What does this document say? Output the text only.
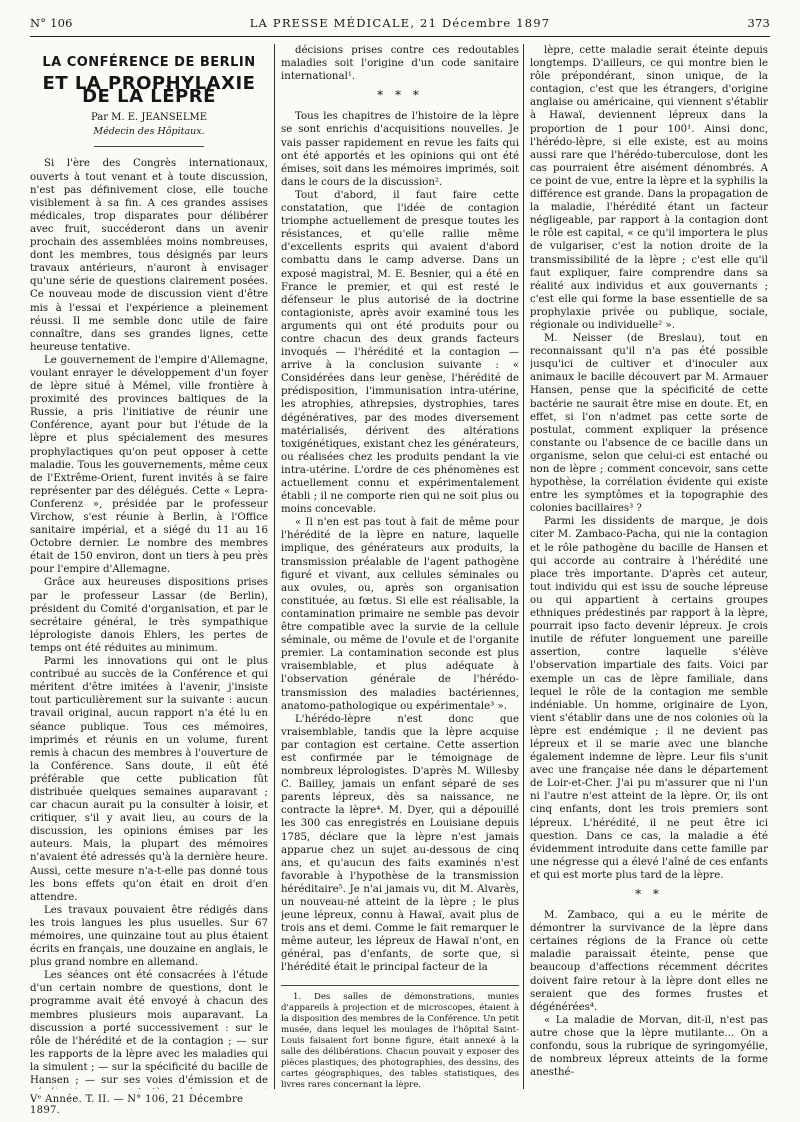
N° 106	LA PRESSE MÉDICALE, 21 Décembre 1897	373
LA CONFÉRENCE DE BERLIN
ET LA PROPHYLAXIE DE LA LÈPRE
Par M. E. JEANSELME
Médecin des Hôpitaux.

Si l'ère des Congrès internationaux, ouverts à tout venant et à toute discussion, n'est pas définivement close, elle touche visiblement à sa fin. A ces grandes assises médicales, trop disparates pour délibérer avec fruit, succéderont dans un avenir prochain des assemblées moins nombreuses, dont les membres, tous désignés par leurs travaux antérieurs, n'auront à envisager qu'une série de questions clairement posées. Ce nouveau mode de discussion vient d'être mis à l'essai et l'expérience a pleinement réussi. Il me semble donc utile de faire connaître, dans ses grandes lignes, cette heureuse tentative.

Le gouvernement de l'empire d'Allemagne, voulant enrayer le développement d'un foyer de lèpre situé à Mémel, ville frontière à proximité des provinces baltiques de la Russie, a pris l'initiative de réunir une Conférence, ayant pour but l'étude de la lèpre et plus spécialement des mesures prophylactiques qu'on peut opposer à cette maladie. Tous les gouvernements, même ceux de l'Extrême-Orient, furent invités à se faire représenter par des délégués. Cette « Lepra-Conferenz », présidée par le professeur Virchow, s'est réunie à Berlin, à l'Office sanitaire impérial, et a siégé du 11 au 16 Octobre dernier. Le nombre des membres était de 150 environ, dont un tiers à peu près pour l'empire d'Allemagne.

Grâce aux heureuses dispositions prises par le professeur Lassar (de Berlin), président du Comité d'organisation, et par le secrétaire général, le très sympathique léprologiste danois Ehlers, les pertes de temps ont été réduites au minimum.

Parmi les innovations qui ont le plus contribué au succès de la Conférence et qui méritent d'être imitées à l'avenir, j'insiste tout particulièrement sur la suivante : aucun travail original, aucun rapport n'a été lu en séance publique. Tous ces mémoires, imprimés et réunis en un volume, furent remis à chacun des membres à l'ouverture de la Conférence. Sans doute, il eût été préférable que cette publication fût distribuée quelques semaines auparavant ; car chacun aurait pu la consulter à loisir, et critiquer, s'il y avait lieu, au cours de la discussion, les opinions émises par les auteurs. Mais, la plupart des mémoires n'avaient été adressés qu'à la dernière heure. Aussi, cette mesure n'a-t-elle pas donné tous les bons effets qu'on était en droit d'en attendre.

Les travaux pouvaient être rédigés dans les trois langues les plus usuelles. Sur 67 mémoires, une quinzaine tout au plus étaient écrits en français, une douzaine en anglais, le plus grand nombre en allemand.

Les séances ont été consacrées à l'étude d'un certain nombre de questions, dont le programme avait été envoyé à chacun des membres plusieurs mois auparavant. La discussion a porté successivement : sur le rôle de l'hérédité et de la contagion ; — sur les rapports de la lèpre avec les maladies qui la simulent ; — sur la spécificité du bacille de Hansen ; — sur ses voies d'émission et de

décisions prises contre ces redoutables maladies soit l'origine d'un code sanitaire international¹.

* * *

Tous les chapitres de l'histoire de la lèpre se sont enrichis d'acquisitions nouvelles. Je vais passer rapidement en revue les faits qui ont été apportés et les opinions qui ont été émises, soit dans les mémoires imprimés, soit dans le cours de la discussion².

Tout d'abord, il faut faire cette constatation, que l'idée de contagion triomphe actuellement de presque toutes les résistances, et qu'elle rallie même d'excellents esprits qui avaient d'abord combattu dans le camp adverse. Dans un exposé magistral, M. E. Besnier, qui a été en France le premier, et qui est resté le défenseur le plus autorisé de la doctrine contagioniste, après avoir examiné tous les arguments qui ont été produits pour ou contre chacun des deux grands facteurs invoqués — l'hérédité et la contagion — arrive à la conclusion suivante : « Considérées dans leur genèse, l'hérédité de prédisposition, l'immunisation intra-utérine, les atrophies, athrepsies, dystrophies, tares dégénératives, par des modes diversement matérialisés, dérivent des altérations toxigénétiques, existant chez les générateurs, ou réalisées chez les produits pendant la vie intra-utérine. L'ordre de ces phénomènes est actuellement connu et expérimentalement établi ; il ne comporte rien qui ne soit plus ou moins concevable.

« Il n'en est pas tout à fait de même pour l'hérédité de la lèpre en nature, laquelle implique, des générateurs aux produits, la transmission préalable de l'agent pathogène figuré et vivant, aux cellules séminales ou aux ovules, ou, après son organisation constituée, au fœtus. Si elle est réalisable, la contamination primaire ne semble pas devoir être compatible avec la survie de la cellule séminale, ou même de l'ovule et de l'organite premier. La contamination seconde est plus vraisemblable, et plus adéquate à l'observation générale de l'hérédo-transmission des maladies bactériennes, anatomo-pathologique ou expérimentale³ ».

L'hérédo-lèpre n'est donc que vraisemblable, tandis que la lèpre acquise par contagion est certaine. Cette assertion est confirmée par le témoignage de nombreux léprologistes. D'après M. Willesby C. Bailley, jamais un enfant séparé de ses parents lépreux, dès sa naissance, ne contracte la lèpre⁴. M. Dyer, qui a dépouillé les 300 cas enregistrés en Louisiane depuis 1785, déclare que la lèpre n'est jamais apparue chez un sujet au-dessous de cinq ans, et qu'aucun des faits examinés n'est favorable à l'hypothèse de la transmission héréditaire⁵. Je n'ai jamais vu, dit M. Alvarès, un nouveau-né atteint de la lèpre ; le plus jeune lépreux, connu à Hawaï, avait plus de trois ans et demi. Comme le fait remarquer le même auteur, les lépreux de Hawaï n'ont, en général, pas d'enfants, de sorte que, si l'hérédité était le principal facteur de la

1. Des salles de démonstrations, munies d'appareils à projection et de microscopes, étaient à la disposition des membres de la Conférence. Un petit musée, dans lequel les moulages de l'hôpital Saint-Louis faisaient fort bonne figure, était annexé à la salle des délibérations. Chacun pouvait y exposer des pièces plastiques, des photographies, des dessins, des cartes géographiques, des tables statistiques, des livres rares concernant la lèpre.

lèpre, cette maladie serait éteinte depuis longtemps. D'ailleurs, ce qui montre bien le rôle prépondérant, sinon unique, de la contagion, c'est que les étrangers, d'origine anglaise ou américaine, qui viennent s'établir à Hawaï, deviennent lépreux dans la proportion de 1 pour 100¹. Ainsi donc, l'hérédo-lèpre, si elle existe, est au moins aussi rare que l'hérédo-tuberculose, dont les cas pourraient être aisément dénombrés. A ce point de vue, entre la lèpre et la syphilis la différence est grande. Dans la propagation de la maladie, l'hérédité étant un facteur négligeable, par rapport à la contagion dont le rôle est capital, « ce qu'il importera le plus de vulgariser, c'est la notion droite de la transmissibilité de la lèpre ; c'est elle qu'il faut expliquer, faire comprendre dans sa réalité aux individus et aux gouvernants ; c'est elle qui forme la base essentielle de sa prophylaxie privée ou publique, sociale, régionale ou individuelle² ».

M. Neisser (de Breslau), tout en reconnaissant qu'il n'a pas été possible jusqu'ici de cultiver et d'inoculer aux animaux le bacille découvert par M. Armauer Hansen, pense que la spécificité de cette bactérie ne saurait être mise en doute. Et, en effet, si l'on n'admet pas cette sorte de postulat, comment expliquer la présence constante ou l'absence de ce bacille dans un organisme, selon que celui-ci est entaché ou non de lèpre ; comment concevoir, sans cette hypothèse, la corrélation évidente qui existe entre les symptômes et la topographie des colonies bacillaires³ ?

Parmi les dissidents de marque, je dois citer M. Zambaco-Pacha, qui nie la contagion et le rôle pathogène du bacille de Hansen et qui accorde au contraire à l'hérédité une place très importante. D'après cet auteur, tout individu qui est issu de souche lépreuse ou qui appartient à certains groupes ethniques prédestinés par rapport à la lèpre, pourrait ipso facto devenir lépreux. Je crois inutile de réfuter longuement une pareille assertion, contre laquelle s'élève l'observation impartiale des faits. Voici par exemple un cas de lèpre familiale, dans lequel le rôle de la contagion me semble indéniable. Un homme, originaire de Lyon, vient s'établir dans une de nos colonies où la lèpre est endémique ; il ne devient pas lépreux et il se marie avec une blanche également indemne de lèpre. Leur fils s'unit avec une française née dans le département de Loir-et-Cher. J'ai pu m'assurer que ni l'un ni l'autre n'est atteint de la lèpre. Or, ils ont cinq enfants, dont les trois premiers sont lépreux. L'hérédité, il ne peut être ici question. Dans ce cas, la maladie a été évidemment introduite dans cette famille par une négresse qui a élevé l'aîné de ces enfants et qui est morte plus tard de la lèpre.

* *

M. Zambaco, qui a eu le mérite de démontrer la survivance de la lèpre dans certaines régions de la France où cette maladie paraissait éteinte, pense que beaucoup d'affections récemment décrites doivent faire retour à la lèpre dont elles ne seraient que des formes frustes et dégénérées⁴.

« La maladie de Morvan, dit-il, n'est pas autre chose que la lèpre mutilante... On a confondu, sous la rubrique de syringomyélie, de nombreux lépreux atteints de la forme anesthé-

Vᵉ Année. T. II. — N° 106, 21 Décembre 1897.
